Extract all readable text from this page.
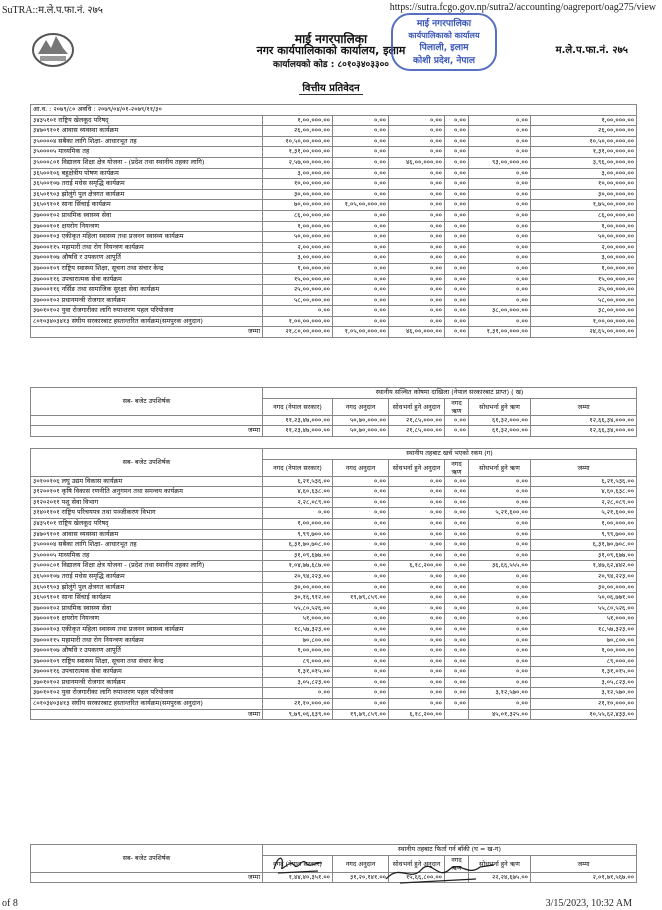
SuTRA::म.ले.प.फा.नं. २७५	https://sutra.fcgo.gov.np/sutra2/accounting/oagreport/oag275/view
माई नगरपालिका
नगर कार्यपालिकाको कार्यालय, इलाम
कार्यालयको कोड : ८०१०३४०३३००
वित्तीय प्रतिवेदन
म.ले.प.फा.नं. २७५
माई नगरपालिका
कार्यपालिकाको कार्यालय
पिलाली, इलाम
कोशी प्रदेश, नेपाल
आ.व. : २०७९/८० अवधि : २०७९/०४/०१-२०७९/११/३०						
३४३५१०१ राष्ट्रिय खेलकूद परिषद्	१,००,०००.००	०.००	०.००	०.००	०.००	१,००,०००.००
३४७०९१०१ आवास व्यवस्था कार्यक्रम	२६,००,०००.००	०.००	०.००	०.००	०.००	२६,००,०००.००
३५००००४ सबैका लागि शिक्षा- आधारभूत तह	१०,५०,००,०००.००	०.००	०.००	०.००	०.००	१०,५०,००,०००.००
३५००००५ माध्यमिक तह	१,३१,००,०००.००	०.००	०.००	०.००	०.००	१,३१,००,०००.००
३५०००८०१ विद्यालय शिक्षा क्षेत्र योजना - (प्रदेश तथा स्थानीय तहका लागि)	२,५७,००,०००.००	०.००	४६,००,०००.००	०.००	९३,००,०००.००	३,९६,००,०००.००
३६५००१०६ बहुक्षेत्रीय पोषण कार्यक्रम	३,००,०००.००	०.००	०.००	०.००	०.००	३,००,०००.००
३६५००१०७ तराई मधेस समृद्धि कार्यक्रम	१०,००,०००.००	०.००	०.००	०.००	०.००	१०,००,०००.००
३६५०१९०३ झोलुंगे पुल क्षेत्रगत कार्यक्रम	३०,००,०००.००	०.००	०.००	०.००	०.००	३०,००,०००.००
३६५०९१०१ साना सिंचाई कार्यक्रम	७०,००,०००.००	१,०५,००,०००.००	०.००	०.००	०.००	१,७५,००,०००.००
३७०००१०२ प्राथमिक स्वास्थ्य सेवा	८६,००,०००.००	०.००	०.००	०.००	०.००	८६,००,०००.००
३७०००१०१ क्षयरोग नियन्त्रण	१,००,०००.००	०.००	०.००	०.००	०.००	१,००,०००.००
३७०००१०३ एकीकृत महिला स्वास्थ्य तथा प्रजनन स्वास्थ्य कार्यक्रम	५०,००,०००.००	०.००	०.००	०.००	०.००	५०,००,०००.००
३७०००११५ महामारी तथा रोग नियन्त्रण कार्यक्रम	२,००,०००.००	०.००	०.००	०.००	०.००	२,००,०००.००
३७०००१०७ औषधि र उपकरण आपूर्ति	३,००,०००.००	०.००	०.००	०.००	०.००	३,००,०००.००
३७०००१०९ राष्ट्रिय स्वास्थ्य शिक्षा, सूचना तथा संचार केन्द्र	१,००,०००.००	०.००	०.००	०.००	०.००	१,००,०००.००
३७०००११६ उपचारात्मक सेवा कार्यक्रम	१५,००,०००.००	०.००	०.००	०.००	०.००	१५,००,०००.००
३७०००११६ नर्सिङ तथा सामाजिक सुरक्षा सेवा कार्यक्रम	२५,००,०००.००	०.००	०.००	०.००	०.००	२५,००,०००.००
३७०००१०२ प्रधानमन्त्री रोजगार कार्यक्रम	५८,००,०००.००	०.००	०.००	०.००	०.००	५८,००,०००.००
३७०१०१०२ युवा रोजगारीका लागि रुपान्तरण पहल परियोजना	०.००	०.००	०.००	०.००	३८,००,०००.००	३८,००,०००.००
८०१०३४०३४१३ संघीय सरकारबाट हस्तान्तरित कार्यक्रम(समपुरक अनुदान)	१,००,००,०००.००	०.००	०.००	०.००	०.००	१,००,००,०००.००
जम्मा	२१,८०,००,०००.००	१,०५,००,०००.००	४६,००,०००.००	०.००	१,३१,००,०००.००	२४,६५,००,०००.००
सब- बजेट उपशिर्षक	स्थानीय सञ्चित कोषमा दाखिला (नेपाल सरकारबाट प्राप्त) ( ख)					
	नगद (नेपाल सरकार)	नगद अनुदान	सोधभर्ना हुने अनुदान	नगद ऋण	सोधभर्ना हुने ऋण	जम्मा

	११,२३,४७,०००.००	५०,७०,०००.००	२१,८५,०००.००	०.००	६१,३२,०००.००	१२,६६,३४,०००.००
जम्मा	११,२३,४७,०००.००	५०,७०,०००.००	२१,८५,०००.००	०.००	६१,३२,०००.००	१२,६६,३४,०००.००
सब- बजेट उपशिर्षक	स्थानीय तहबाट खर्च भएको रकम (ग)					
	नगद (नेपाल सरकार)	नगद अनुदान	सोधभर्ना हुने अनुदान	नगद ऋण	सोधभर्ना हुने ऋण	जम्मा

३०१००१०६ लघु उद्यम विकास कार्यक्रम	६,२१,५३६.००	०.००	०.००	०.००	०.००	६,२१,५३६.००
३१२००१०१ कृषि विकास रणनीति अनुगमन तथा समन्वय कार्यक्रम	४,६०,६३८.००	०.००	०.००	०.००	०.००	४,६०,६३८.००
३१२०२०११ पशु सेवा विभाग	२,२८,०८९.००	०.००	०.००	०.००	०.००	२,२८,०८९.००
३१४०११०१ राष्ट्रिय परिचयपत्र तथा पञ्जीकरण विभाग	०.००	०.००	०.००	०.००	५,२१,६००.००	५,२१,६००.००
३४३५१०१ राष्ट्रिय खेलकूद परिषद्	१,००,०००.००	०.००	०.००	०.००	०.००	१,००,०००.००
३४७०९१०१ आवास व्यवस्था कार्यक्रम	९,९९,७००.००	०.००	०.००	०.००	०.००	९,९९,७००.००
३५००००४ सबैका लागि शिक्षा- आधारभूत तह	६,३१,७०,७०८.००	०.००	०.००	०.००	०.००	६,३१,७०,७०८.००
३५००००५ माध्यमिक तह	३१,०९,६७७.००	०.००	०.००	०.००	०.००	३१,०९,६७७.००
३५०००८०१ विद्यालय शिक्षा क्षेत्र योजना - (प्रदेश तथा स्थानीय तहका लागि)	१,०४,७७,६८७.००	०.००	६,१८,२००.००	०.००	३६,६६,५५५.००	१,४७,६२,४४२.००
३६५००१०७ तराई मधेस समृद्धि कार्यक्रम	२०,९४,२२३.००	०.००	०.००	०.००	०.००	२०,९४,२२३.००
३६५०१९०३ झोलुंगे पुल क्षेत्रगत कार्यक्रम	३०,००,०००.००	०.००	०.००	०.००	०.००	३०,००,०००.००
३६५०९१०१ साना सिंचाई कार्यक्रम	३०,१६,९१२.००	१९,७९,८५९.००	०.००	०.००	०.००	५०,०६,७७१.००
३७०००१०२ प्राथमिक स्वास्थ्य सेवा	५५,८०,५२६.००	०.००	०.००	०.००	०.००	५५,८०,५२६.००
३७०००१०१ क्षयरोग नियन्त्रण	५१,०००.००	०.००	०.००	०.००	०.००	५१,०००.००
३७०००१०३ एकीकृत महिला स्वास्थ्य तथा प्रजनन स्वास्थ्य कार्यक्रम	१८,५७,३२३.००	०.००	०.००	०.००	०.००	१८,५७,३२३.००
३७०००११५ महामारी तथा रोग नियन्त्रण कार्यक्रम	७०,८००.००	०.००	०.००	०.००	०.००	७०,८००.००
३७०००१०७ औषधि र उपकरण आपूर्ति	१,००,०००.००	०.००	०.००	०.००	०.००	१,००,०००.००
३७०००१०९ राष्ट्रिय स्वास्थ्य शिक्षा, सूचना तथा संचार केन्द्र	८९,०००.००	०.००	०.००	०.००	०.००	८९,०००.००
३७०००११६ उपचारात्मक सेवा कार्यक्रम	१,३१,०१५.००	०.००	०.००	०.००	०.००	१,३१,०१५.००
३७०१०१०२ प्रधानमन्त्री रोजगार कार्यक्रम	३,०५,८२३.००	०.००	०.००	०.००	०.००	३,०५,८२३.००
३७०१०१०२ युवा रोजगारीका लागि रुपान्तरण पहल परियोजना	०.००	०.००	०.००	०.००	३,१२,५७०.००	३,१२,५७०.००
८०१०३४०३४१३ संघीय सरकारबाट हस्तान्तरित कार्यक्रम(समपुरक अनुदान)	२१,१०,०००.००	०.००	०.००	०.००	०.००	२१,१०,०००.००
जम्मा	९,७९,०६,६३९.००	१९,७९,८५९.००	६,१८,२००.००		४५,०१,३२५.००	१०,५५,६२,४३३.००
सब- बजेट उपशिर्षक	स्थानीय तहबाट फिर्ता गर्न बाँकी (घ = ख-ग)					
	नगद (नेपाल सरकार)	नगद अनुदान	सोधभर्ना हुने अनुदान	नगद ऋण	सोधभर्ना हुने ऋण	जम्मा

जम्मा	१,४४,४०,३५१.००	३१,२०,१४१.००	१५,६६,८००.००		२२,२४,६७५.००	२,०१,७१,५६७.००
of 8	3/15/2023, 10:32 AM
